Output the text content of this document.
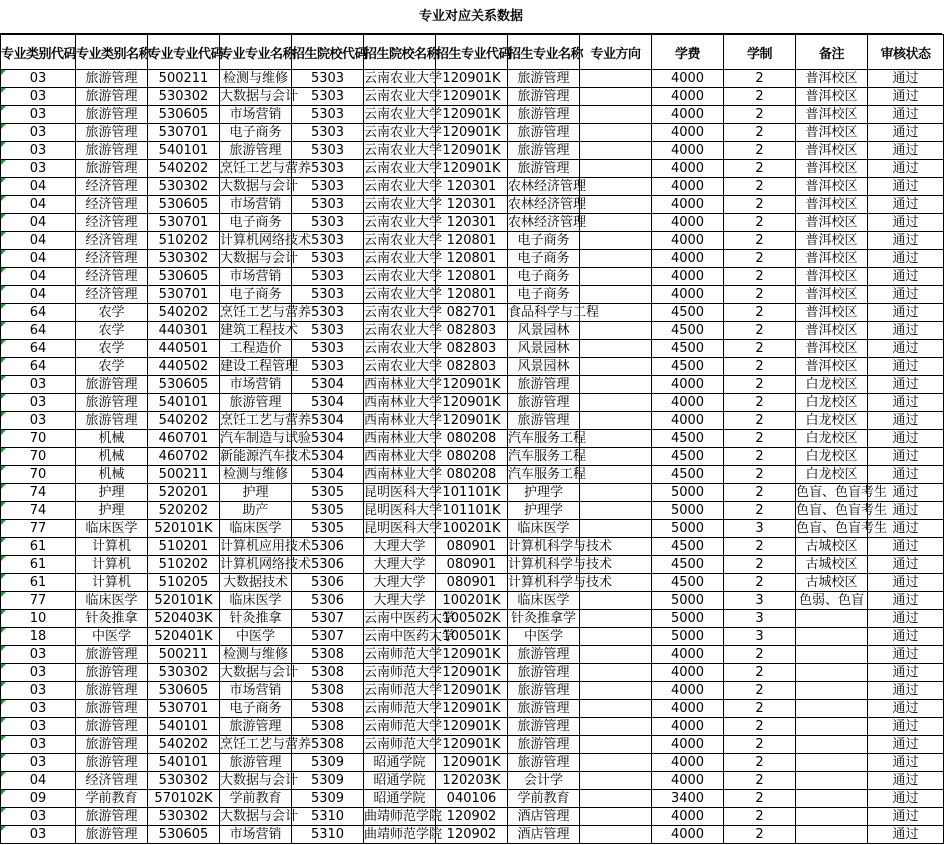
专业对应关系数据
专业类别代码	专业类别名称	专业专业代码	专业专业名称	招生院校代码	招生院校名称	招生专业代码	招生专业名称	专业方向	学费	学制	备注	审核状态
03	旅游管理	500211	检测与维修	5303	云南农业大学	120901K	旅游管理		4000	2	普洱校区	通过
03	旅游管理	530302	大数据与会计	5303	云南农业大学	120901K	旅游管理		4000	2	普洱校区	通过
03	旅游管理	530605	市场营销	5303	云南农业大学	120901K	旅游管理		4000	2	普洱校区	通过
03	旅游管理	530701	电子商务	5303	云南农业大学	120901K	旅游管理		4000	2	普洱校区	通过
03	旅游管理	540101	旅游管理	5303	云南农业大学	120901K	旅游管理		4000	2	普洱校区	通过
03	旅游管理	540202	烹饪工艺与营养	5303	云南农业大学	120901K	旅游管理		4000	2	普洱校区	通过
04	经济管理	530302	大数据与会计	5303	云南农业大学	120301	农林经济管理		4000	2	普洱校区	通过
04	经济管理	530605	市场营销	5303	云南农业大学	120301	农林经济管理		4000	2	普洱校区	通过
04	经济管理	530701	电子商务	5303	云南农业大学	120301	农林经济管理		4000	2	普洱校区	通过
04	经济管理	510202	计算机网络技术	5303	云南农业大学	120801	电子商务		4000	2	普洱校区	通过
04	经济管理	530302	大数据与会计	5303	云南农业大学	120801	电子商务		4000	2	普洱校区	通过
04	经济管理	530605	市场营销	5303	云南农业大学	120801	电子商务		4000	2	普洱校区	通过
04	经济管理	530701	电子商务	5303	云南农业大学	120801	电子商务		4000	2	普洱校区	通过
64	农学	540202	烹饪工艺与营养	5303	云南农业大学	082701	食品科学与工程		4500	2	普洱校区	通过
64	农学	440301	建筑工程技术	5303	云南农业大学	082803	风景园林		4500	2	普洱校区	通过
64	农学	440501	工程造价	5303	云南农业大学	082803	风景园林		4500	2	普洱校区	通过
64	农学	440502	建设工程管理	5303	云南农业大学	082803	风景园林		4500	2	普洱校区	通过
03	旅游管理	530605	市场营销	5304	西南林业大学	120901K	旅游管理		4000	2	白龙校区	通过
03	旅游管理	540101	旅游管理	5304	西南林业大学	120901K	旅游管理		4000	2	白龙校区	通过
03	旅游管理	540202	烹饪工艺与营养	5304	西南林业大学	120901K	旅游管理		4000	2	白龙校区	通过
70	机械	460701	汽车制造与试验	5304	西南林业大学	080208	汽车服务工程		4500	2	白龙校区	通过
70	机械	460702	新能源汽车技术	5304	西南林业大学	080208	汽车服务工程		4500	2	白龙校区	通过
70	机械	500211	检测与维修	5304	西南林业大学	080208	汽车服务工程		4500	2	白龙校区	通过
74	护理	520201	护理	5305	昆明医科大学	101101K	护理学		5000	2	色盲、色盲考生	通过
74	护理	520202	助产	5305	昆明医科大学	101101K	护理学		5000	2	色盲、色盲考生	通过
77	临床医学	520101K	临床医学	5305	昆明医科大学	100201K	临床医学		5000	3	色盲、色盲考生	通过
61	计算机	510201	计算机应用技术	5306	大理大学	080901	计算机科学与技术		4500	2	古城校区	通过
61	计算机	510202	计算机网络技术	5306	大理大学	080901	计算机科学与技术		4500	2	古城校区	通过
61	计算机	510205	大数据技术	5306	大理大学	080901	计算机科学与技术		4500	2	古城校区	通过
77	临床医学	520101K	临床医学	5306	大理大学	100201K	临床医学		5000	3	色弱、色盲	通过
10	针灸推拿	520403K	针灸推拿	5307	云南中医药大学	100502K	针灸推拿学		5000	3		通过
18	中医学	520401K	中医学	5307	云南中医药大学	100501K	中医学		5000	3		通过
03	旅游管理	500211	检测与维修	5308	云南师范大学	120901K	旅游管理		4000	2		通过
03	旅游管理	530302	大数据与会计	5308	云南师范大学	120901K	旅游管理		4000	2		通过
03	旅游管理	530605	市场营销	5308	云南师范大学	120901K	旅游管理		4000	2		通过
03	旅游管理	530701	电子商务	5308	云南师范大学	120901K	旅游管理		4000	2		通过
03	旅游管理	540101	旅游管理	5308	云南师范大学	120901K	旅游管理		4000	2		通过
03	旅游管理	540202	烹饪工艺与营养	5308	云南师范大学	120901K	旅游管理		4000	2		通过
03	旅游管理	540101	旅游管理	5309	昭通学院	120901K	旅游管理		4000	2		通过
04	经济管理	530302	大数据与会计	5309	昭通学院	120203K	会计学		4000	2		通过
09	学前教育	570102K	学前教育	5309	昭通学院	040106	学前教育		3400	2		通过
03	旅游管理	530302	大数据与会计	5310	曲靖师范学院	120902	酒店管理		4000	2		通过
03	旅游管理	530605	市场营销	5310	曲靖师范学院	120902	酒店管理		4000	2		通过
